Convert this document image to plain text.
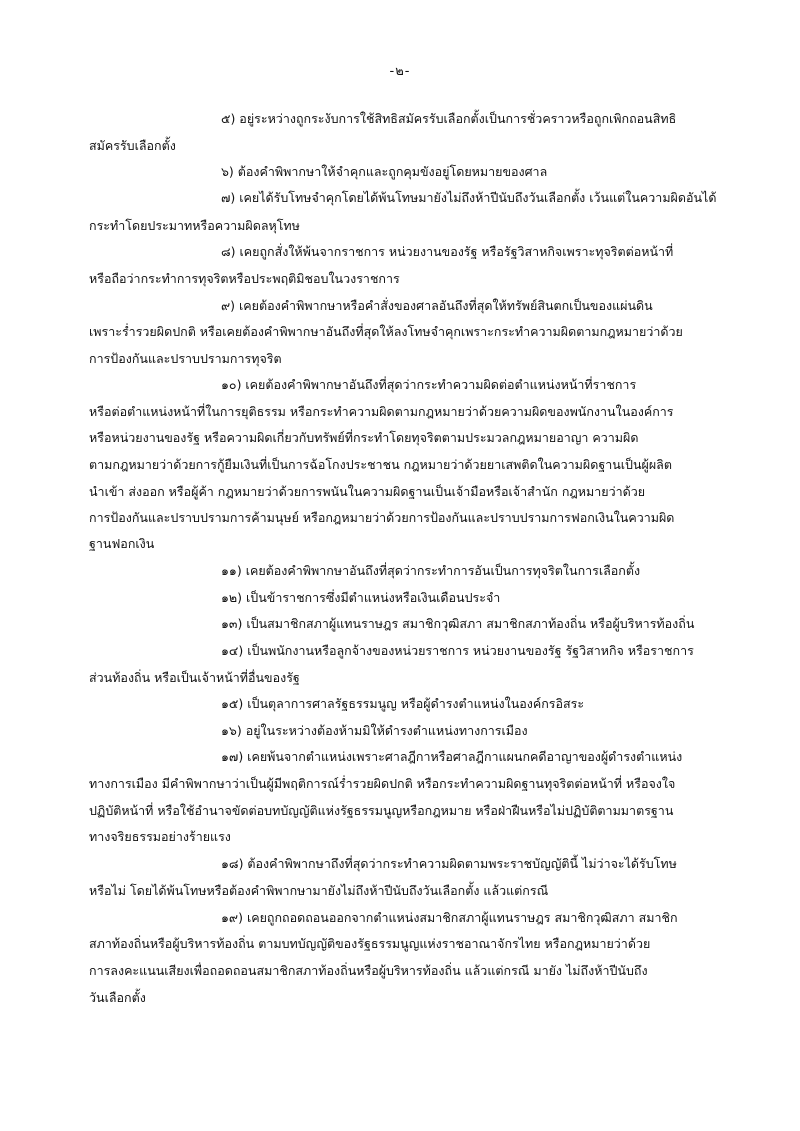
-๒-

๕) อยู่ระหว่างถูกระงับการใช้สิทธิสมัครรับเลือกตั้งเป็นการชั่วคราวหรือถูกเพิกถอนสิทธิ

สมัครรับเลือกตั้ง

๖) ต้องคำพิพากษาให้จำคุกและถูกคุมขังอยู่โดยหมายของศาล

๗) เคยได้รับโทษจำคุกโดยได้พ้นโทษมายังไม่ถึงห้าปีนับถึงวันเลือกตั้ง เว้นแต่ในความผิดอันได้

กระทำโดยประมาทหรือความผิดลหุโทษ

๘) เคยถูกสั่งให้พ้นจากราชการ หน่วยงานของรัฐ หรือรัฐวิสาหกิจเพราะทุจริตต่อหน้าที่

หรือถือว่ากระทำการทุจริตหรือประพฤติมิชอบในวงราชการ

๙) เคยต้องคำพิพากษาหรือคำสั่งของศาลอันถึงที่สุดให้ทรัพย์สินตกเป็นของแผ่นดิน

เพราะร่ำรวยผิดปกติ หรือเคยต้องคำพิพากษาอันถึงที่สุดให้ลงโทษจำคุกเพราะกระทำความผิดตามกฎหมายว่าด้วย

การป้องกันและปราบปรามการทุจริต

๑๐) เคยต้องคำพิพากษาอันถึงที่สุดว่ากระทำความผิดต่อตำแหน่งหน้าที่ราชการ

หรือต่อตำแหน่งหน้าที่ในการยุติธรรม หรือกระทำความผิดตามกฎหมายว่าด้วยความผิดของพนักงานในองค์การ

หรือหน่วยงานของรัฐ หรือความผิดเกี่ยวกับทรัพย์ที่กระทำโดยทุจริตตามประมวลกฎหมายอาญา ความผิด

ตามกฎหมายว่าด้วยการกู้ยืมเงินที่เป็นการฉ้อโกงประชาชน กฎหมายว่าด้วยยาเสพติดในความผิดฐานเป็นผู้ผลิต

นำเข้า ส่งออก หรือผู้ค้า กฎหมายว่าด้วยการพนันในความผิดฐานเป็นเจ้ามือหรือเจ้าสำนัก กฎหมายว่าด้วย

การป้องกันและปราบปรามการค้ามนุษย์ หรือกฎหมายว่าด้วยการป้องกันและปราบปรามการฟอกเงินในความผิด

ฐานฟอกเงิน

๑๑) เคยต้องคำพิพากษาอันถึงที่สุดว่ากระทำการอันเป็นการทุจริตในการเลือกตั้ง

๑๒) เป็นข้าราชการซึ่งมีตำแหน่งหรือเงินเดือนประจำ

๑๓) เป็นสมาชิกสภาผู้แทนราษฎร สมาชิกวุฒิสภา สมาชิกสภาท้องถิ่น หรือผู้บริหารท้องถิ่น

๑๔) เป็นพนักงานหรือลูกจ้างของหน่วยราชการ หน่วยงานของรัฐ รัฐวิสาหกิจ หรือราชการ

ส่วนท้องถิ่น หรือเป็นเจ้าหน้าที่อื่นของรัฐ

๑๕) เป็นตุลาการศาลรัฐธรรมนูญ หรือผู้ดำรงตำแหน่งในองค์กรอิสระ

๑๖) อยู่ในระหว่างต้องห้ามมิให้ดำรงตำแหน่งทางการเมือง

๑๗) เคยพ้นจากตำแหน่งเพราะศาลฎีกาหรือศาลฎีกาแผนกคดีอาญาของผู้ดำรงตำแหน่ง

ทางการเมือง มีคำพิพากษาว่าเป็นผู้มีพฤติการณ์ร่ำรวยผิดปกติ หรือกระทำความผิดฐานทุจริตต่อหน้าที่ หรือจงใจ

ปฏิบัติหน้าที่ หรือใช้อำนาจขัดต่อบทบัญญัติแห่งรัฐธรรมนูญหรือกฎหมาย หรือฝ่าฝืนหรือไม่ปฏิบัติตามมาตรฐาน

ทางจริยธรรมอย่างร้ายแรง

๑๘) ต้องคำพิพากษาถึงที่สุดว่ากระทำความผิดตามพระราชบัญญัตินี้ ไม่ว่าจะได้รับโทษ

หรือไม่ โดยได้พ้นโทษหรือต้องคำพิพากษามายังไม่ถึงห้าปีนับถึงวันเลือกตั้ง แล้วแต่กรณี

๑๙) เคยถูกถอดถอนออกจากตำแหน่งสมาชิกสภาผู้แทนราษฎร สมาชิกวุฒิสภา สมาชิก

สภาท้องถิ่นหรือผู้บริหารท้องถิ่น ตามบทบัญญัติของรัฐธรรมนูญแห่งราชอาณาจักรไทย หรือกฎหมายว่าด้วย

การลงคะแนนเสียงเพื่อถอดถอนสมาชิกสภาท้องถิ่นหรือผู้บริหารท้องถิ่น แล้วแต่กรณี มายัง ไม่ถึงห้าปีนับถึง

วันเลือกตั้ง
